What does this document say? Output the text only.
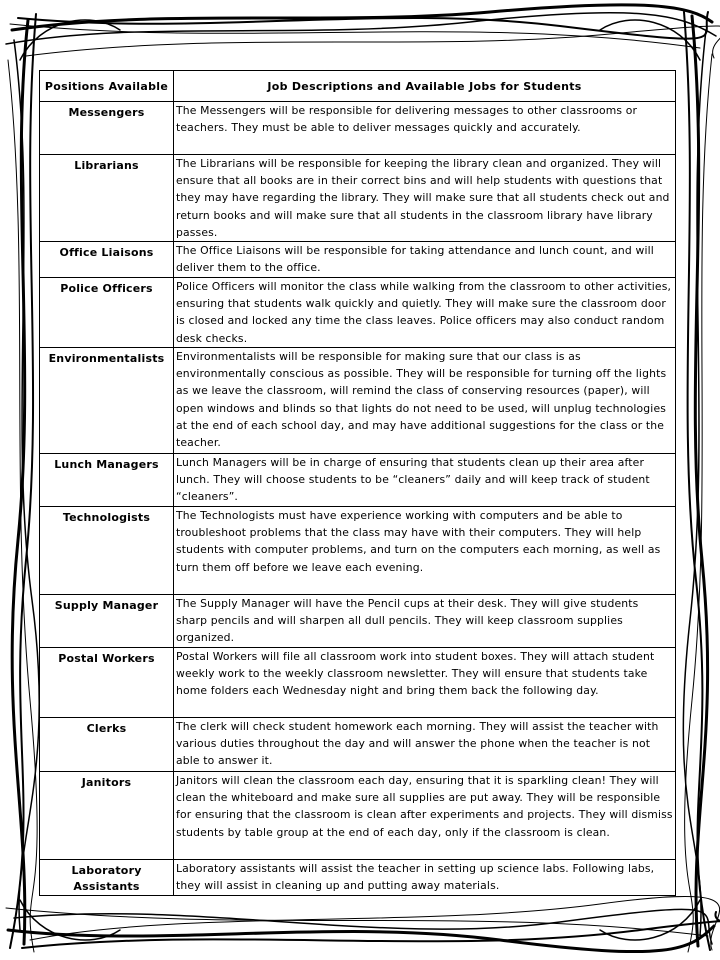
Positions Available	Job Descriptions and Available Jobs for Students
Messengers	The Messengers will be responsible for delivering messages to other classrooms or teachers. They must be able to deliver messages quickly and accurately.
Librarians	The Librarians will be responsible for keeping the library clean and organized. They will ensure that all books are in their correct bins and will help students with questions that they may have regarding the library. They will make sure that all students check out and return books and will make sure that all students in the classroom library have library passes.
Office Liaisons	The Office Liaisons will be responsible for taking attendance and lunch count, and will deliver them to the office.
Police Officers	Police Officers will monitor the class while walking from the classroom to other activities, ensuring that students walk quickly and quietly. They will make sure the classroom door is closed and locked any time the class leaves. Police officers may also conduct random desk checks.
Environmentalists	Environmentalists will be responsible for making sure that our class is as environmentally conscious as possible. They will be responsible for turning off the lights as we leave the classroom, will remind the class of conserving resources (paper), will open windows and blinds so that lights do not need to be used, will unplug technologies at the end of each school day, and may have additional suggestions for the class or the teacher.
Lunch Managers	Lunch Managers will be in charge of ensuring that students clean up their area after lunch. They will choose students to be “cleaners” daily and will keep track of student “cleaners”.
Technologists	The Technologists must have experience working with computers and be able to troubleshoot problems that the class may have with their computers. They will help students with computer problems, and turn on the computers each morning, as well as turn them off before we leave each evening.
Supply Manager	The Supply Manager will have the Pencil cups at their desk. They will give students sharp pencils and will sharpen all dull pencils. They will keep classroom supplies organized.
Postal Workers	Postal Workers will file all classroom work into student boxes. They will attach student weekly work to the weekly classroom newsletter. They will ensure that students take home folders each Wednesday night and bring them back the following day.
Clerks	The clerk will check student homework each morning. They will assist the teacher with various duties throughout the day and will answer the phone when the teacher is not able to answer it.
Janitors	Janitors will clean the classroom each day, ensuring that it is sparkling clean! They will clean the whiteboard and make sure all supplies are put away. They will be responsible for ensuring that the classroom is clean after experiments and projects. They will dismiss students by table group at the end of each day, only if the classroom is clean.
Laboratory Assistants	Laboratory assistants will assist the teacher in setting up science labs. Following labs, they will assist in cleaning up and putting away materials.
